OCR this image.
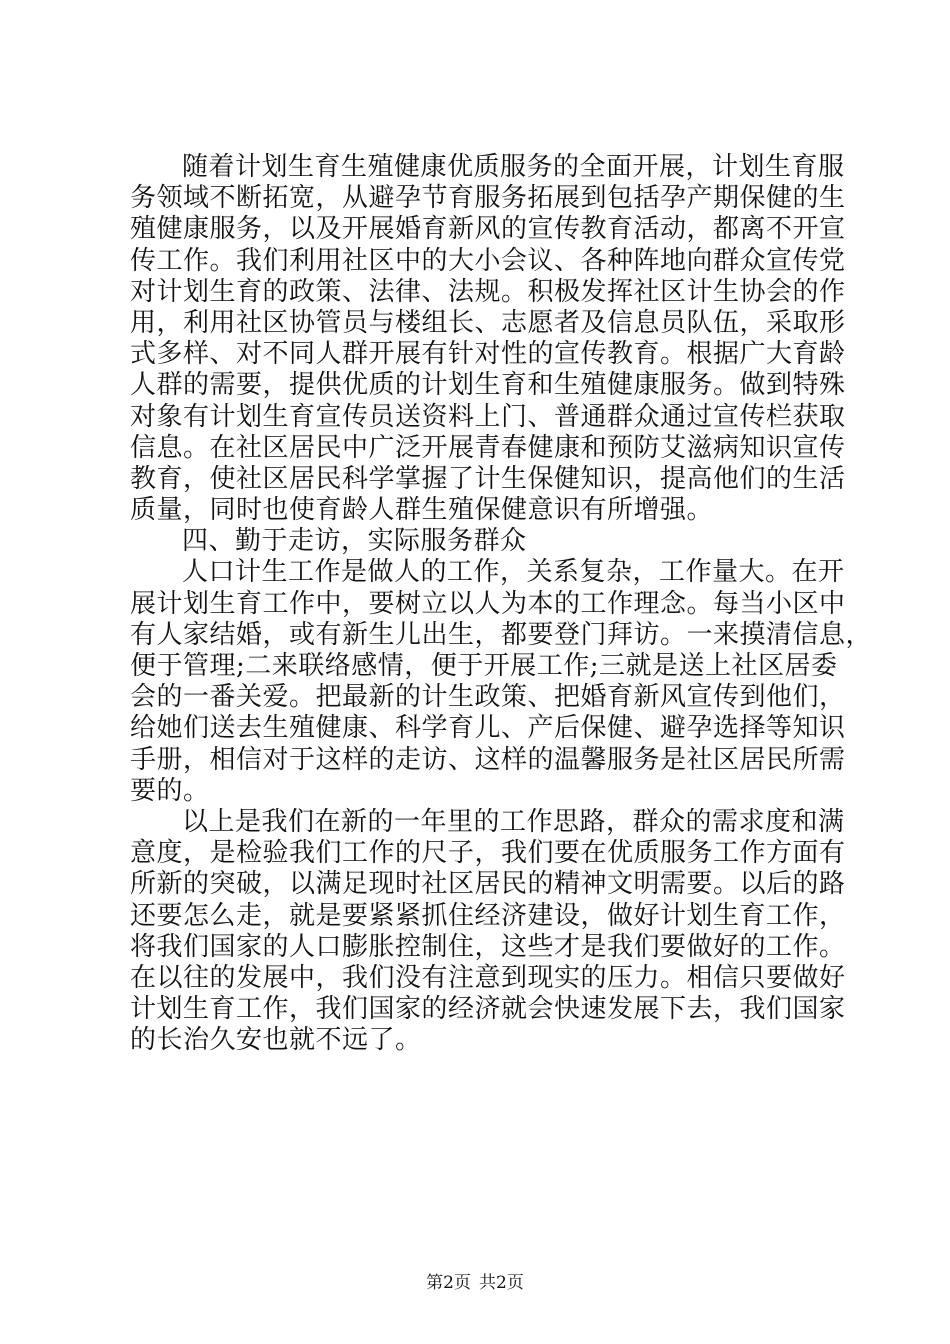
随着计划生育生殖健康优质服务的全面开展，计划生育服
务领域不断拓宽，从避孕节育服务拓展到包括孕产期保健的生
殖健康服务，以及开展婚育新风的宣传教育活动，都离不开宣
传工作。我们利用社区中的大小会议、各种阵地向群众宣传党
对计划生育的政策、法律、法规。积极发挥社区计生协会的作
用，利用社区协管员与楼组长、志愿者及信息员队伍，采取形
式多样、对不同人群开展有针对性的宣传教育。根据广大育龄
人群的需要，提供优质的计划生育和生殖健康服务。做到特殊
对象有计划生育宣传员送资料上门、普通群众通过宣传栏获取
信息。在社区居民中广泛开展青春健康和预防艾滋病知识宣传
教育，使社区居民科学掌握了计生保健知识，提高他们的生活
质量，同时也使育龄人群生殖保健意识有所增强。
四、勤于走访，实际服务群众
人口计生工作是做人的工作，关系复杂，工作量大。在开
展计划生育工作中，要树立以人为本的工作理念。每当小区中
有人家结婚，或有新生儿出生，都要登门拜访。一来摸清信息，
便于管理;二来联络感情，便于开展工作;三就是送上社区居委
会的一番关爱。把最新的计生政策、把婚育新风宣传到他们，
给她们送去生殖健康、科学育儿、产后保健、避孕选择等知识
手册，相信对于这样的走访、这样的温馨服务是社区居民所需
要的。
以上是我们在新的一年里的工作思路，群众的需求度和满
意度，是检验我们工作的尺子，我们要在优质服务工作方面有
所新的突破，以满足现时社区居民的精神文明需要。以后的路
还要怎么走，就是要紧紧抓住经济建设，做好计划生育工作，
将我们国家的人口膨胀控制住，这些才是我们要做好的工作。
在以往的发展中，我们没有注意到现实的压力。相信只要做好
计划生育工作，我们国家的经济就会快速发展下去，我们国家
的长治久安也就不远了。
第2页 共2页
